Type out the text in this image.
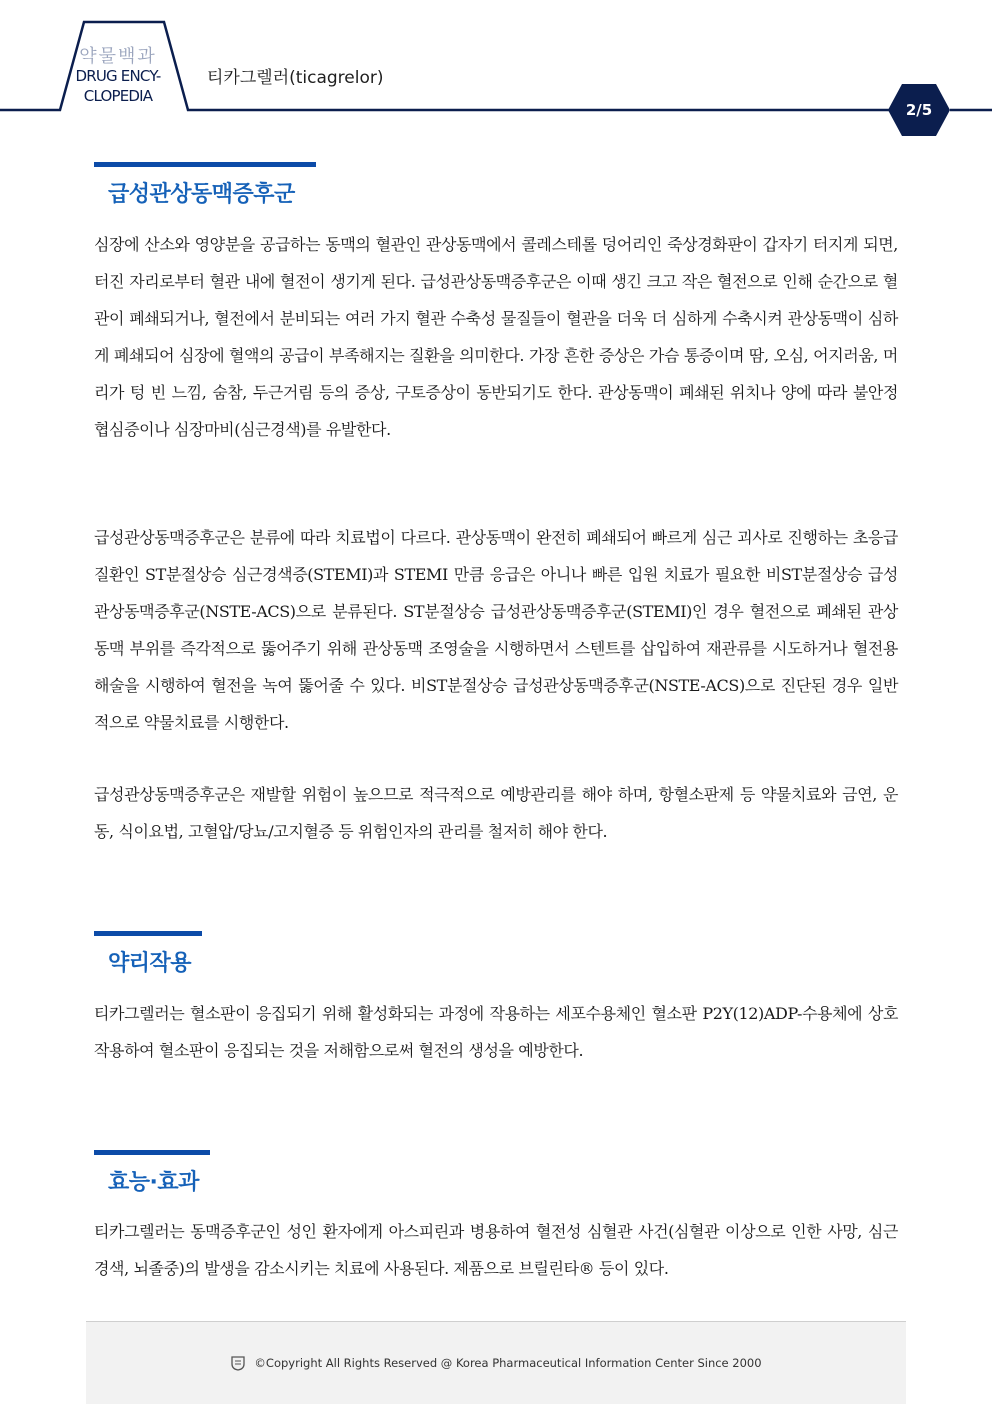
약물백과
DRUG ENCY-
CLOPEDIA
티카그렐러(ticagrelor)
2/5
급성관상동맥증후군

심장에 산소와 영양분을 공급하는 동맥의 혈관인 관상동맥에서 콜레스테롤 덩어리인 죽상경화판이 갑자기 터지게 되면, 터진 자리로부터 혈관 내에 혈전이 생기게 된다. 급성관상동맥증후군은 이때 생긴 크고 작은 혈전으로 인해 순간으로 혈관이 폐쇄되거나, 혈전에서 분비되는 여러 가지 혈관 수축성 물질들이 혈관을 더욱 더 심하게 수축시켜 관상동맥이 심하게 폐쇄되어 심장에 혈액의 공급이 부족해지는 질환을 의미한다. 가장 흔한 증상은 가슴 통증이며 땀, 오심, 어지러움, 머리가 텅 빈 느낌, 숨참, 두근거림 등의 증상, 구토증상이 동반되기도 한다. 관상동맥이 폐쇄된 위치나 양에 따라 불안정 협심증이나 심장마비(심근경색)를 유발한다.

급성관상동맥증후군은 분류에 따라 치료법이 다르다. 관상동맥이 완전히 폐쇄되어 빠르게 심근 괴사로 진행하는 초응급질환인 ST분절상승 심근경색증(STEMI)과 STEMI 만큼 응급은 아니나 빠른 입원 치료가 필요한 비ST분절상승 급성관상동맥증후군(NSTE-ACS)으로 분류된다. ST분절상승 급성관상동맥증후군(STEMI)인 경우 혈전으로 폐쇄된 관상동맥 부위를 즉각적으로 뚫어주기 위해 관상동맥 조영술을 시행하면서 스텐트를 삽입하여 재관류를 시도하거나 혈전용해술을 시행하여 혈전을 녹여 뚫어줄 수 있다. 비ST분절상승 급성관상동맥증후군(NSTE-ACS)으로 진단된 경우 일반적으로 약물치료를 시행한다.

급성관상동맥증후군은 재발할 위험이 높으므로 적극적으로 예방관리를 해야 하며, 항혈소판제 등 약물치료와 금연, 운동, 식이요법, 고혈압/당뇨/고지혈증 등 위험인자의 관리를 철저히 해야 한다.

약리작용

티카그렐러는 혈소판이 응집되기 위해 활성화되는 과정에 작용하는 세포수용체인 혈소판 P2Y(12)ADP-수용체에 상호작용하여 혈소판이 응집되는 것을 저해함으로써 혈전의 생성을 예방한다.

효능·효과

티카그렐러는 동맥증후군인 성인 환자에게 아스피린과 병용하여 혈전성 심혈관 사건(심혈관 이상으로 인한 사망, 심근경색, 뇌졸중)의 발생을 감소시키는 치료에 사용된다. 제품으로 브릴린타® 등이 있다.

©Copyright All Rights Reserved @ Korea Pharmaceutical Information Center Since 2000
